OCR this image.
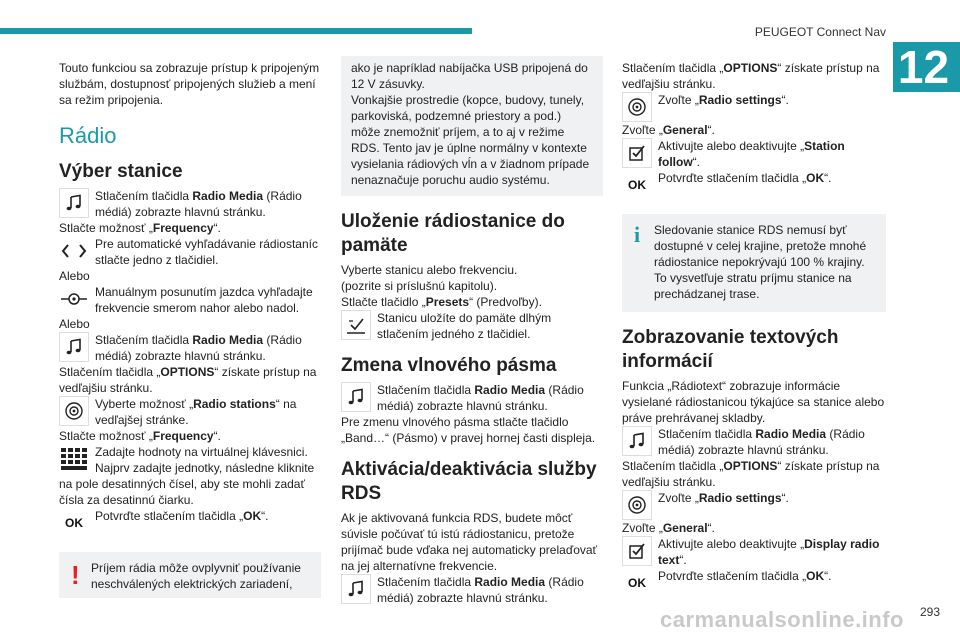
PEUGEOT Connect Nav
12

Touto funkciou sa zobrazuje prístup k pripojeným službám, dostupnosť pripojených služieb a mení sa režim pripojenia.

Rádio
Výber stanice
Stlačením tlačidla Radio Media (Rádio médiá) zobrazte hlavnú stránku.

Stlačte možnosť „Frequency“.

Pre automatické vyhľadávanie rádiostaníc stlačte jedno z tlačidiel.

Alebo

Manuálnym posunutím jazdca vyhľadajte frekvencie smerom nahor alebo nadol.

Alebo

Stlačením tlačidla Radio Media (Rádio médiá) zobrazte hlavnú stránku.

Stlačením tlačidla „OPTIONS“ získate prístup na vedľajšiu stránku.

Vyberte možnosť „Radio stations“ na vedľajšej stránke.

Stlačte možnosť „Frequency“.

Zadajte hodnoty na virtuálnej klávesnici. Najprv zadajte jednotky, následne kliknite na pole desatinných čísel, aby ste mohli zadať čísla za desatinnú čiarku.

OK Potvrďte stlačením tlačidla „OK“.
! Príjem rádia môže ovplyvniť používanie neschválených elektrických zariadení,

ako je napríklad nabíjačka USB pripojená do 12 V zásuvky.
Vonkajšie prostredie (kopce, budovy, tunely, parkoviská, podzemné priestory a pod.) môže znemožniť príjem, a to aj v režime RDS. Tento jav je úplne normálny v kontexte vysielania rádiových vĺn a v žiadnom prípade nenaznačuje poruchu audio systému.

Uloženie rádiostanice do pamäte

Vyberte stanicu alebo frekvenciu.

(pozrite si príslušnú kapitolu).

Stlačte tlačidlo „Presets“ (Predvoľby).

Stanicu uložíte do pamäte dlhým stlačením jedného z tlačidiel.
Zmena vlnového pásma
Stlačením tlačidla Radio Media (Rádio médiá) zobrazte hlavnú stránku.

Pre zmenu vlnového pásma stlačte tlačidlo „Band…“ (Pásmo) v pravej hornej časti displeja.

Aktivácia/deaktivácia služby RDS

Ak je aktivovaná funkcia RDS, budete môcť súvisle počúvať tú istú rádiostanicu, pretože prijímač bude vďaka nej automaticky prelaďovať na jej alternatívne frekvencie.

Stlačením tlačidla Radio Media (Rádio médiá) zobrazte hlavnú stránku.

Stlačením tlačidla „OPTIONS“ získate prístup na vedľajšiu stránku.

Zvoľte „Radio settings“.

Zvoľte „General“.

Aktivujte alebo deaktivujte „Station follow“.
OK Potvrďte stlačením tlačidla „OK“.
i Sledovanie stanice RDS nemusí byť dostupné v celej krajine, pretože mnohé rádiostanice nepokrývajú 100 % krajiny. To vysvetľuje stratu príjmu stanice na prechádzanej trase.

Zobrazovanie textových informácií

Funkcia „Rádiotext“ zobrazuje informácie vysielané rádiostanicou týkajúce sa stanice alebo práve prehrávanej skladby.

Stlačením tlačidla Radio Media (Rádio médiá) zobrazte hlavnú stránku.

Stlačením tlačidla „OPTIONS“ získate prístup na vedľajšiu stránku.

Zvoľte „Radio settings“.

Zvoľte „General“.

Aktivujte alebo deaktivujte „Display radio text“.
OK Potvrďte stlačením tlačidla „OK“.
293
carmanualsonline.info
